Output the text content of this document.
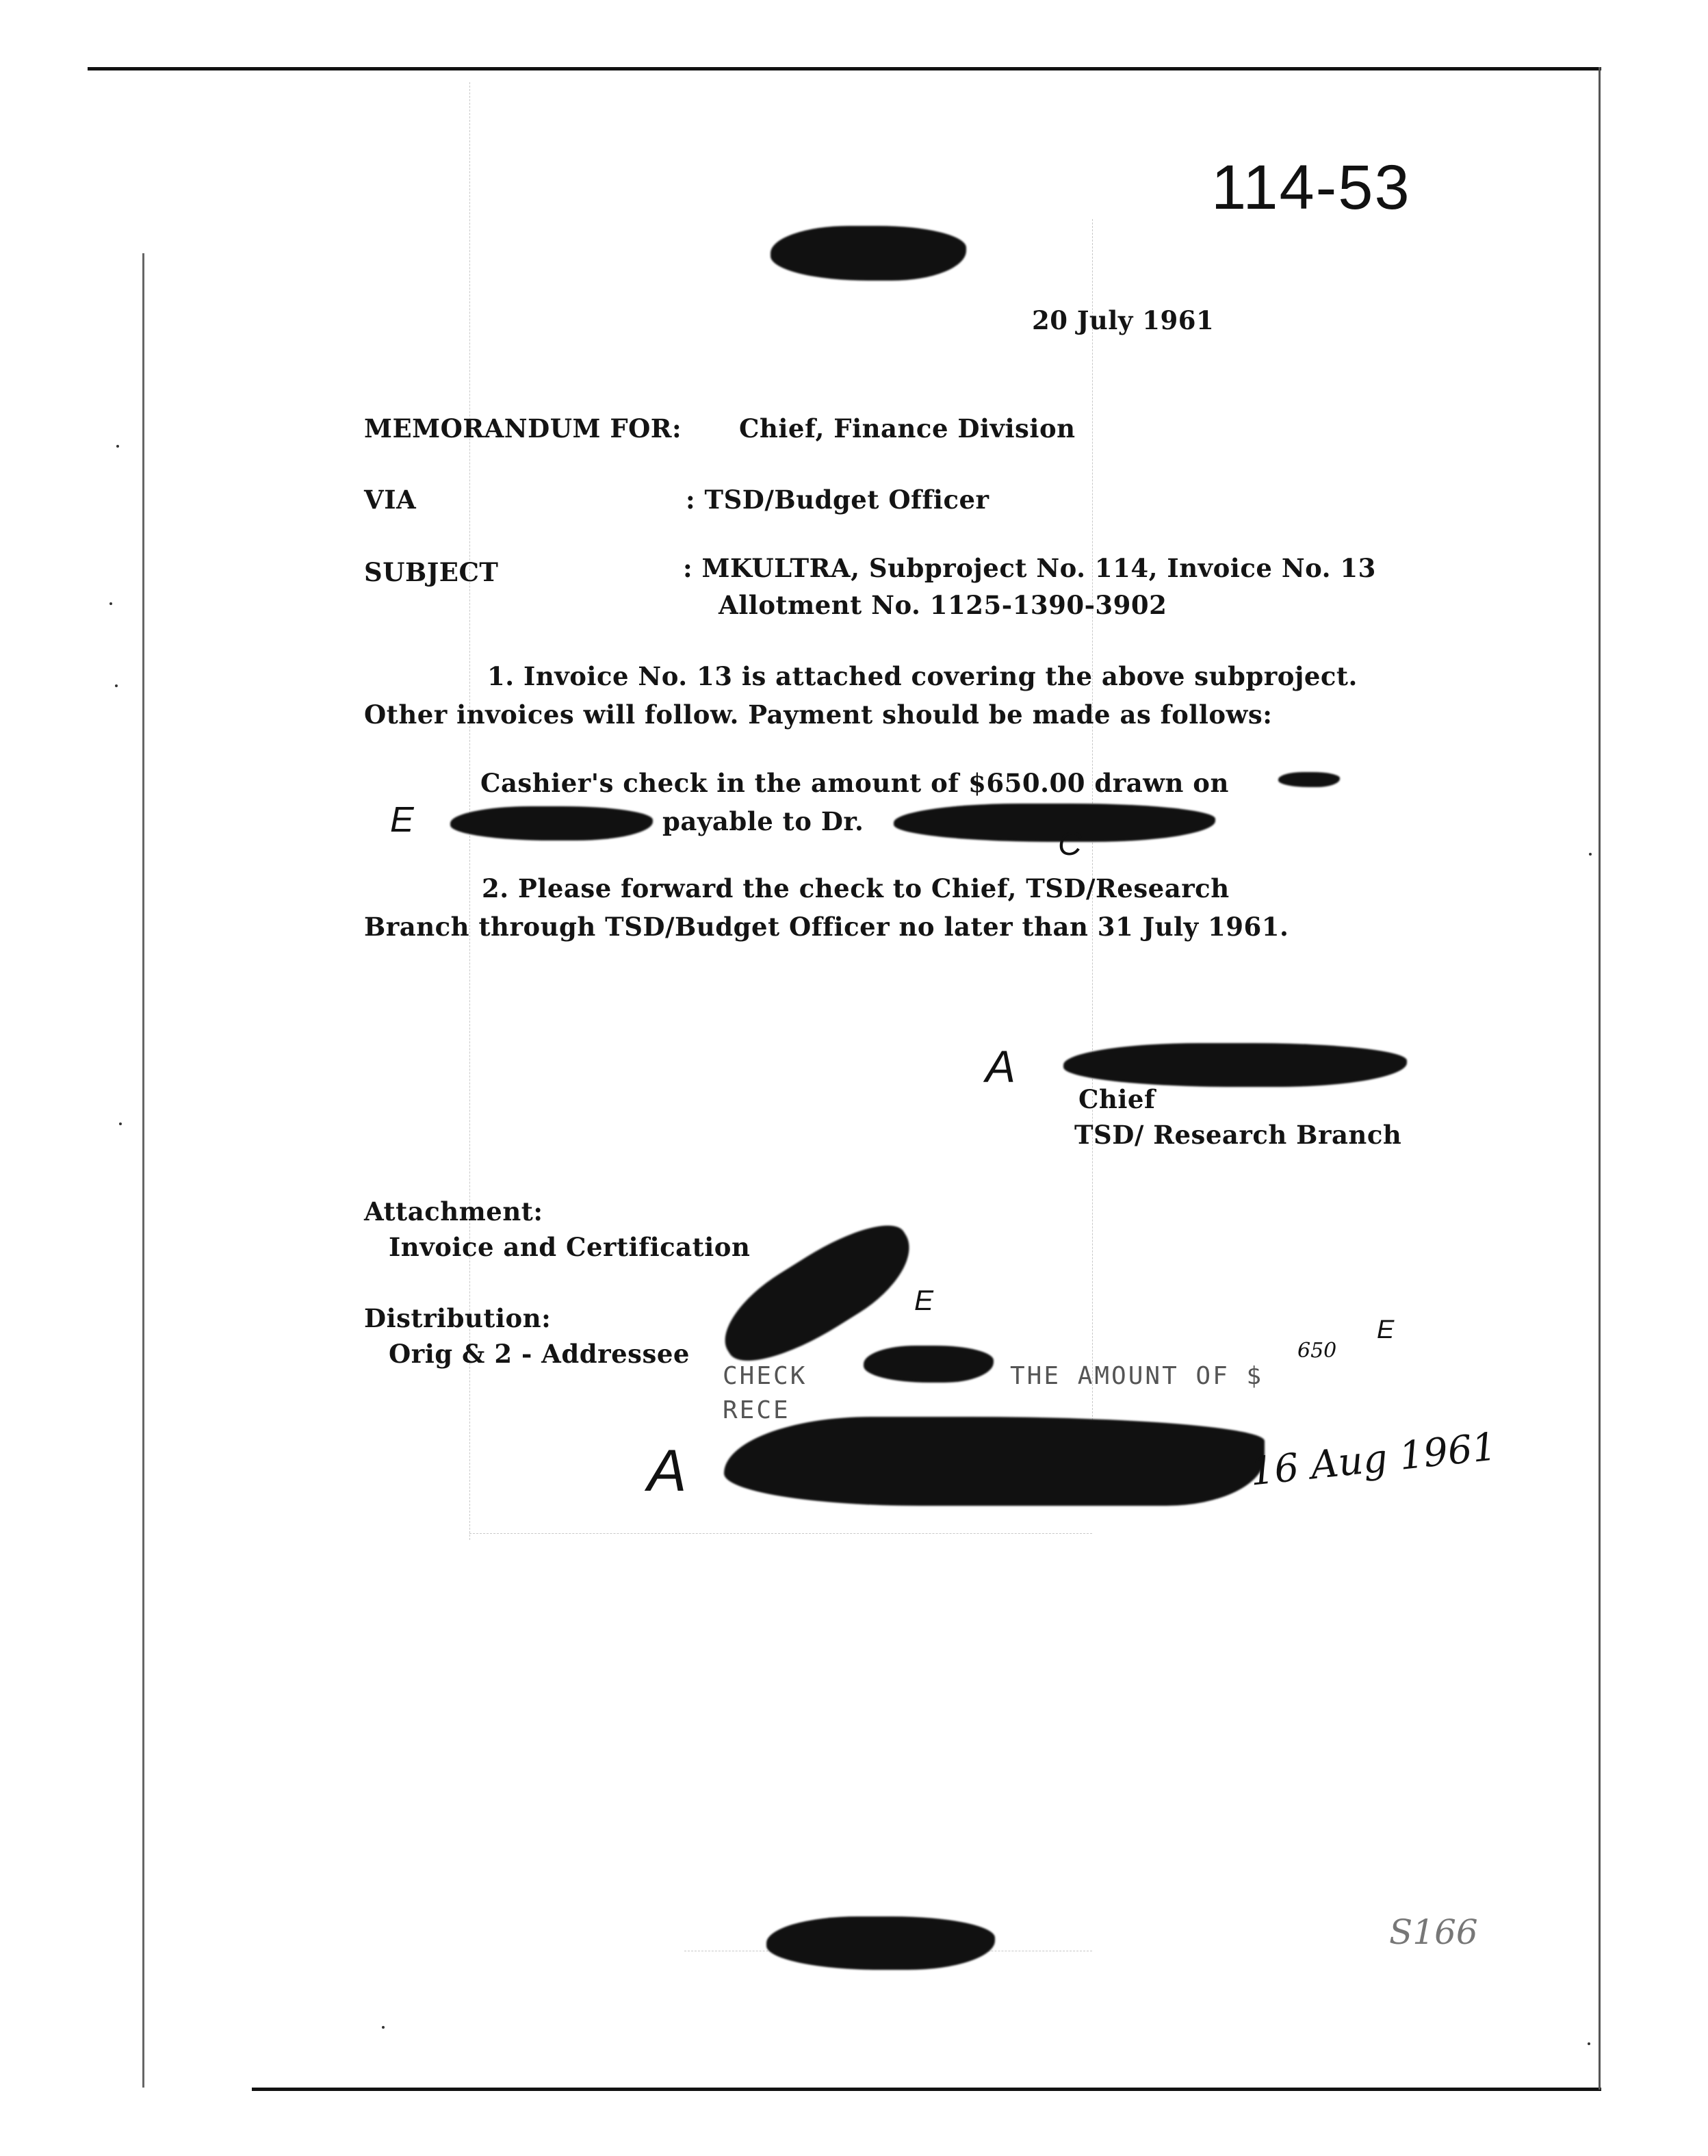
114-53
20 July 1961
MEMORANDUM FOR: Chief, Finance Division
VIA	: TSD/Budget Officer
SUBJECT	: MKULTRA, Subproject No. 114, Invoice No. 13
Allotment No. 1125-1390-3902
1. Invoice No. 13 is attached covering the above subproject.
Other invoices will follow. Payment should be made as follows:
Cashier's check in the amount of $650.00 drawn on
E	payable to Dr.
C
2. Please forward the check to Chief, TSD/Research
Branch through TSD/Budget Officer no later than 31 July 1961.
A
Chief
TSD/ Research Branch
Attachment:
Invoice and Certification
Distribution:
Orig & 2 - Addressee
E
CHECK	THE AMOUNT OF $
650
E
RECE
A	16 Aug 1961
S166
